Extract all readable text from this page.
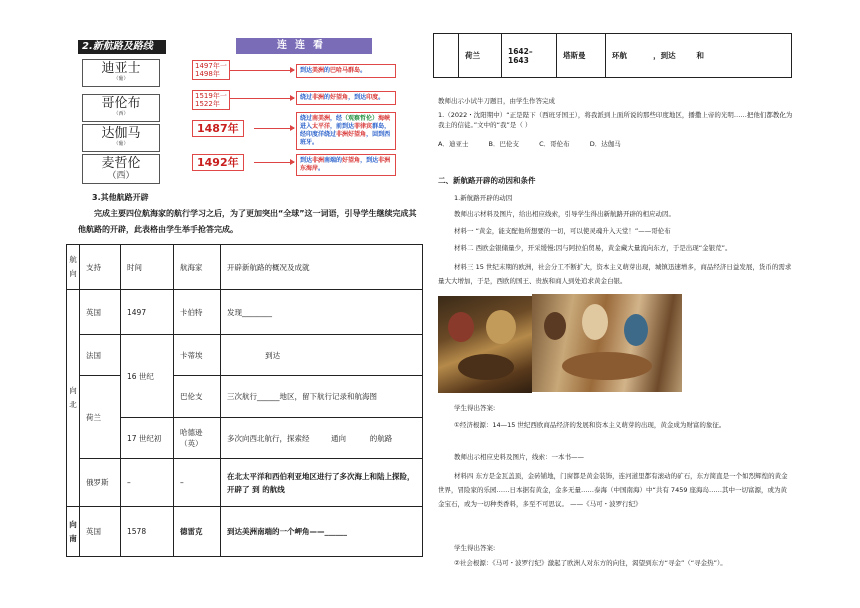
2.新航路及路线	连连看
迪亚士
（葡）
哥伦布
（西）
达伽马
（葡）
麦哲伦
（西）
1497年一
1498年
1519年一
1522年
1487年
1492年
到达美洲的巴哈马群岛。
绕过非洲的好望角，到达印度。
绕过南美洲，经（观察哲伦）海峡进入太平洋，前到达菲律宾群岛，经印度洋绕过非洲好望角，回到西班牙。
到达非洲南端的好望角，到达非洲东海岸。
3.其他航路开辟
完成主要四位航海家的航行学习之后，为了更加突出“全球”这一词语，引导学生继续完成其他航路的开辟，此表格由学生举手抢答完成。
航向	支持	时间	航海家	开辟新航路的概况及成就
向
北	英国	1497	卡伯特	发现________
	法国	16 世纪	卡蒂埃	到达
	荷兰		巴伦支	三次航行______地区，留下航行记录和航海图
		17 世纪初	哈德逊
（英）	多次向西北航行，探索经         通向          的航路
	俄罗斯	–	–	在北太平洋和西伯利亚地区进行了多次海上和陆上探险，开辟了 到 的航线
向
南	英国	1578	德雷克	到达美洲南端的一个岬角——______
	荷兰	1642–1643	塔斯曼	环航          ，到达        和
教师出示小试牛刀题目，由学生作答完成
1.（2022・沈阳期中）“正是陛下（西班牙国王），将我派到上面所说的那些印度地区，播撒上帝的光明……把他们都教化为我主的信徒。”文中的“我”是（ ）
A．迪亚士	B．巴伦支	C．哥伦布	D．达伽马
二、新航路开辟的动因和条件
1.新航路开辟的动因
教师出示材料及图片，给出相应线索，引导学生得出新航路开辟的相应动因。
材料一 “黄金，能支配他所想要的一切，可以使灵魂升入天堂！”——哥伦布
材料二 西欧金银储量少，开采缓慢;因与阿拉伯贸易，黄金藏大量流向东方，于是出现“金银荒”。
材料三 15 世纪末期的欧洲，社会分工不断扩大，资本主义萌芽出现，城镇迅速增多，商品经济日益发展，货币的需求量大大增加，于是，西欧的国王、贵族和商人到处追求黄金白银。
学生得出答案:
①经济根源：14—15 世纪西欧商品经济的发展和资本主义萌芽的出现，黄金成为财富的象征。
教师出示相应史料及图片，线索：一本书——
材料四 东方是金瓦盖顶，金砖铺地，门窗都是黄金装饰，连河道里都有滚动的矿石，东方简直是一个如烈辉煌的黄金世界，冒险家的乐园……日本据有黄金，金多无量……泰海（中国南海）中“共有 7459 座海岛……其中一切富源，或为黄金宝石，或为一切种类香料，多至不可思议。 ——《马可・波罗行纪》
学生得出答案:
②社会根源：《马可・波罗行纪》激起了欧洲人对东方的向往，渴望到东方“寻金”（“寻金热”）。
